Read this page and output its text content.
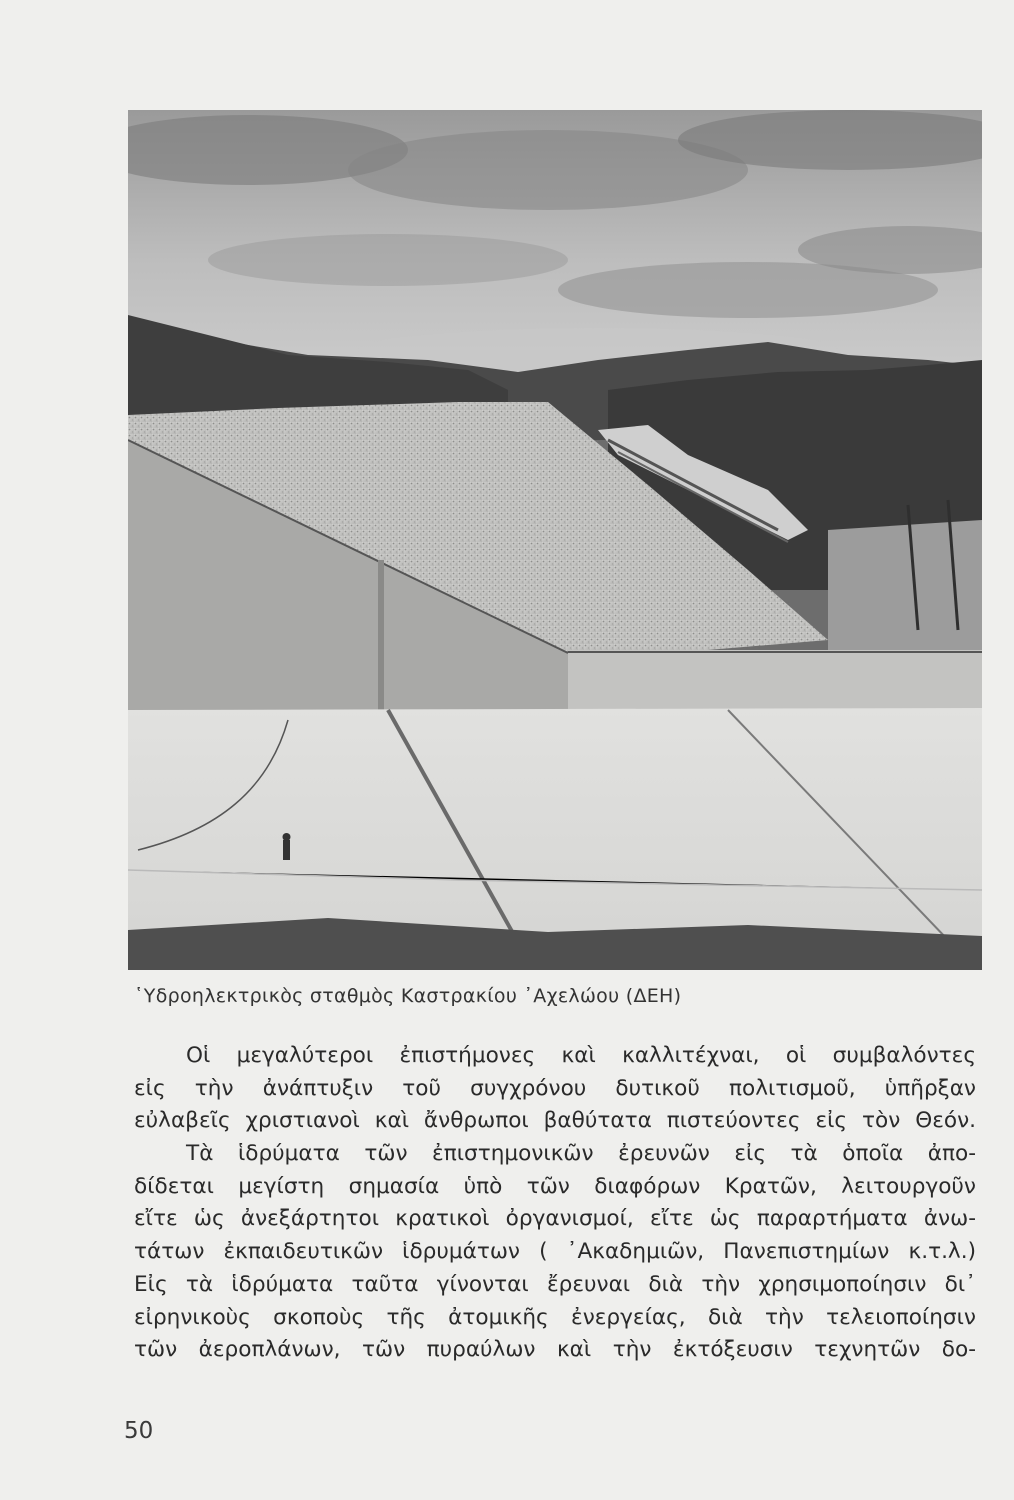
῾Υδροηλεκτρικὸς σταθμὸς Καστρακίου ᾿Αχελώου (ΔΕΗ)
Οἱ μεγαλύτεροι ἐπιστήμονες καὶ καλλιτέχναι, οἱ συμβαλόντες
εἰς τὴν ἀνάπτυξιν τοῦ συγχρόνου δυτικοῦ πολιτισμοῦ, ὑπῆρξαν
εὐλαβεῖς χριστιανοὶ καὶ ἄνθρωποι βαθύτατα πιστεύοντες εἰς τὸν Θεόν.
Τὰ ἱδρύματα τῶν ἐπιστημονικῶν ἐρευνῶν εἰς τὰ ὁποῖα ἀπο-
δίδεται μεγίστη σημασία ὑπὸ τῶν διαφόρων Κρατῶν, λειτουργοῦν
εἴτε ὡς ἀνεξάρτητοι κρατικοὶ ὀργανισμοί, εἴτε ὡς παραρτήματα ἀνω-
τάτων ἐκπαιδευτικῶν ἱδρυμάτων ( ᾿Ακαδημιῶν, Πανεπιστημίων κ.τ.λ.)
Εἰς τὰ ἱδρύματα ταῦτα γίνονται ἔρευναι διὰ τὴν χρησιμοποίησιν δι᾿
εἰρηνικοὺς σκοποὺς τῆς ἀτομικῆς ἐνεργείας, διὰ τὴν τελειοποίησιν
τῶν ἀεροπλάνων, τῶν πυραύλων καὶ τὴν ἐκτόξευσιν τεχνητῶν δο-
50
